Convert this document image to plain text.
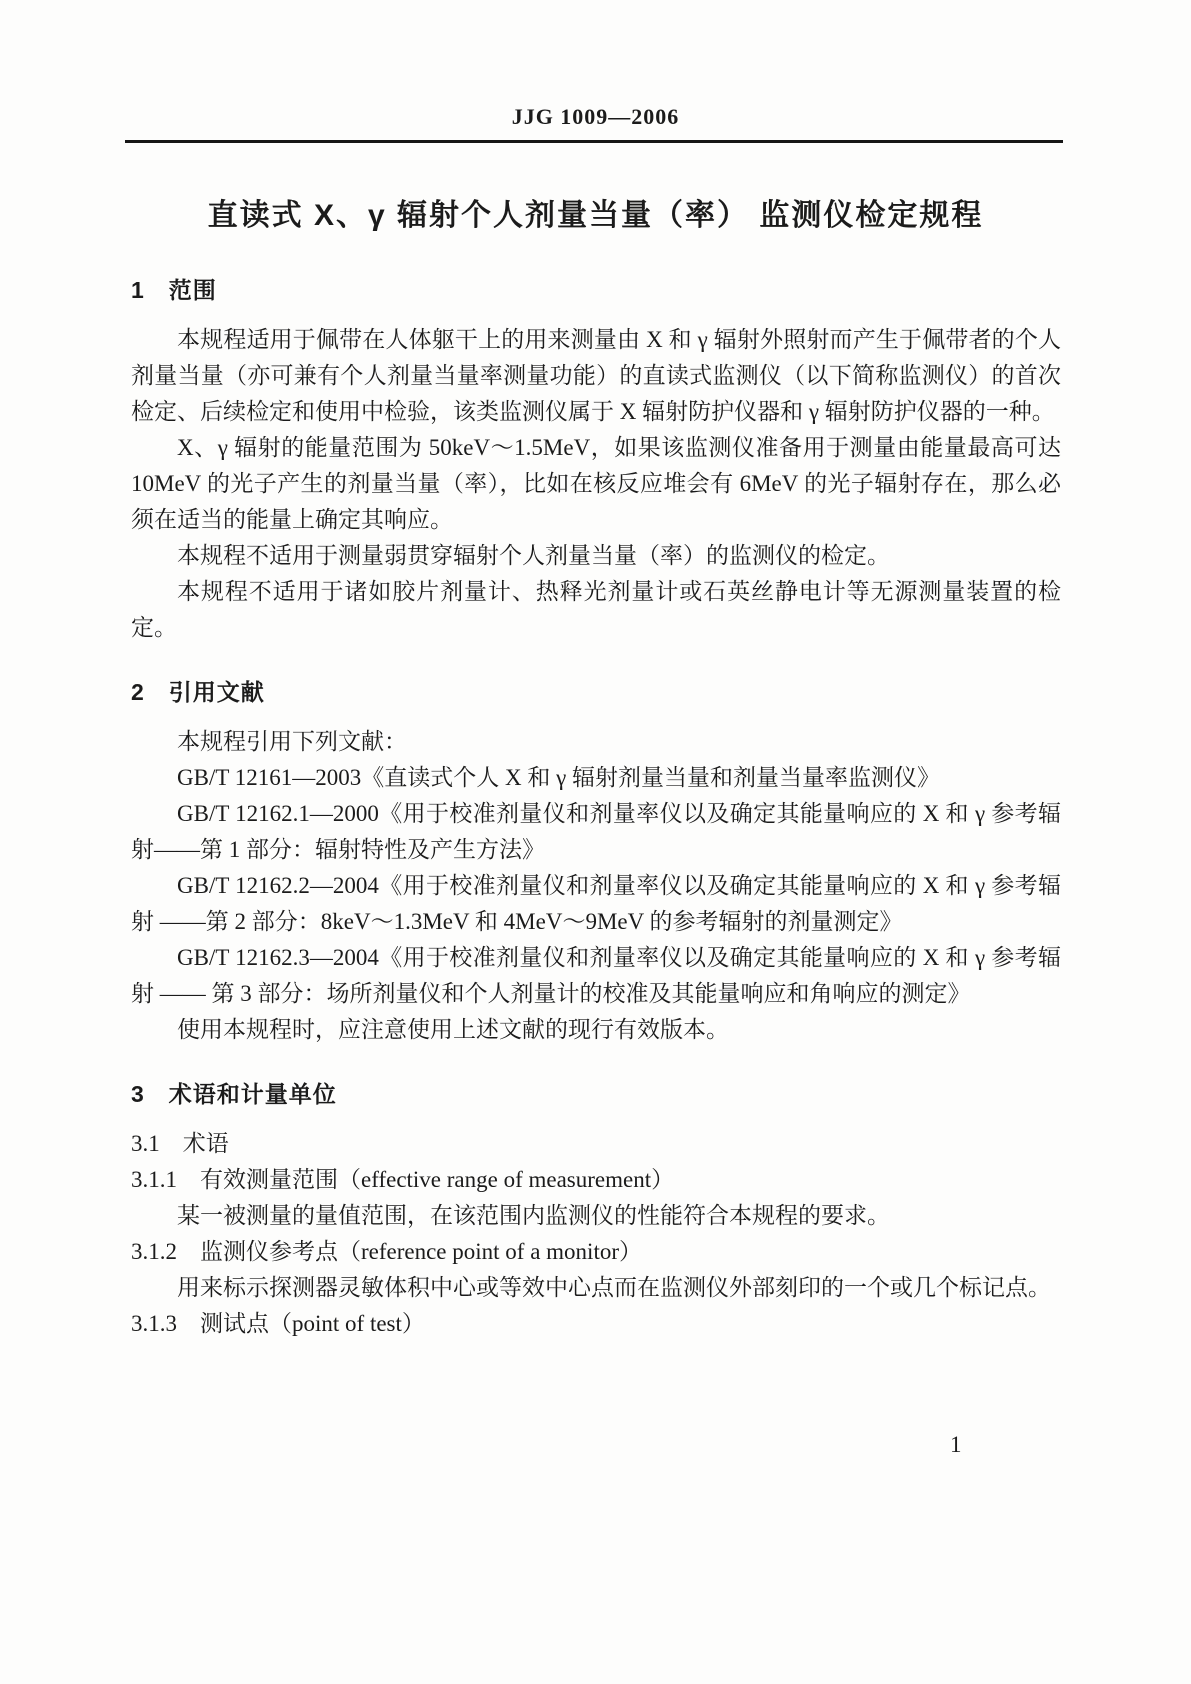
JJG 1009—2006
直读式 X、γ 辐射个人剂量当量（率） 监测仪检定规程
1　范围

本规程适用于佩带在人体躯干上的用来测量由 X 和 γ 辐射外照射而产生于佩带者的个人剂量当量（亦可兼有个人剂量当量率测量功能）的直读式监测仪（以下简称监测仪）的首次检定、后续检定和使用中检验，该类监测仪属于 X 辐射防护仪器和 γ 辐射防护仪器的一种。

X、γ 辐射的能量范围为 50keV～1.5MeV，如果该监测仪准备用于测量由能量最高可达 10MeV 的光子产生的剂量当量（率），比如在核反应堆会有 6MeV 的光子辐射存在，那么必须在适当的能量上确定其响应。

本规程不适用于测量弱贯穿辐射个人剂量当量（率）的监测仪的检定。

本规程不适用于诸如胶片剂量计、热释光剂量计或石英丝静电计等无源测量装置的检定。

2　引用文献

本规程引用下列文献：

GB/T 12161—2003《直读式个人 X 和 γ 辐射剂量当量和剂量当量率监测仪》

GB/T 12162.1—2000《用于校准剂量仪和剂量率仪以及确定其能量响应的 X 和 γ 参考辐射——第 1 部分：辐射特性及产生方法》

GB/T 12162.2—2004《用于校准剂量仪和剂量率仪以及确定其能量响应的 X 和 γ 参考辐射 ——第 2 部分：8keV～1.3MeV 和 4MeV～9MeV 的参考辐射的剂量测定》

GB/T 12162.3—2004《用于校准剂量仪和剂量率仪以及确定其能量响应的 X 和 γ 参考辐射 —— 第 3 部分：场所剂量仪和个人剂量计的校准及其能量响应和角响应的测定》

使用本规程时，应注意使用上述文献的现行有效版本。

3　术语和计量单位

3.1　术语

3.1.1　有效测量范围（effective range of measurement）

某一被测量的量值范围，在该范围内监测仪的性能符合本规程的要求。

3.1.2　监测仪参考点（reference point of a monitor）

用来标示探测器灵敏体积中心或等效中心点而在监测仪外部刻印的一个或几个标记点。

3.1.3　测试点（point of test）

1
